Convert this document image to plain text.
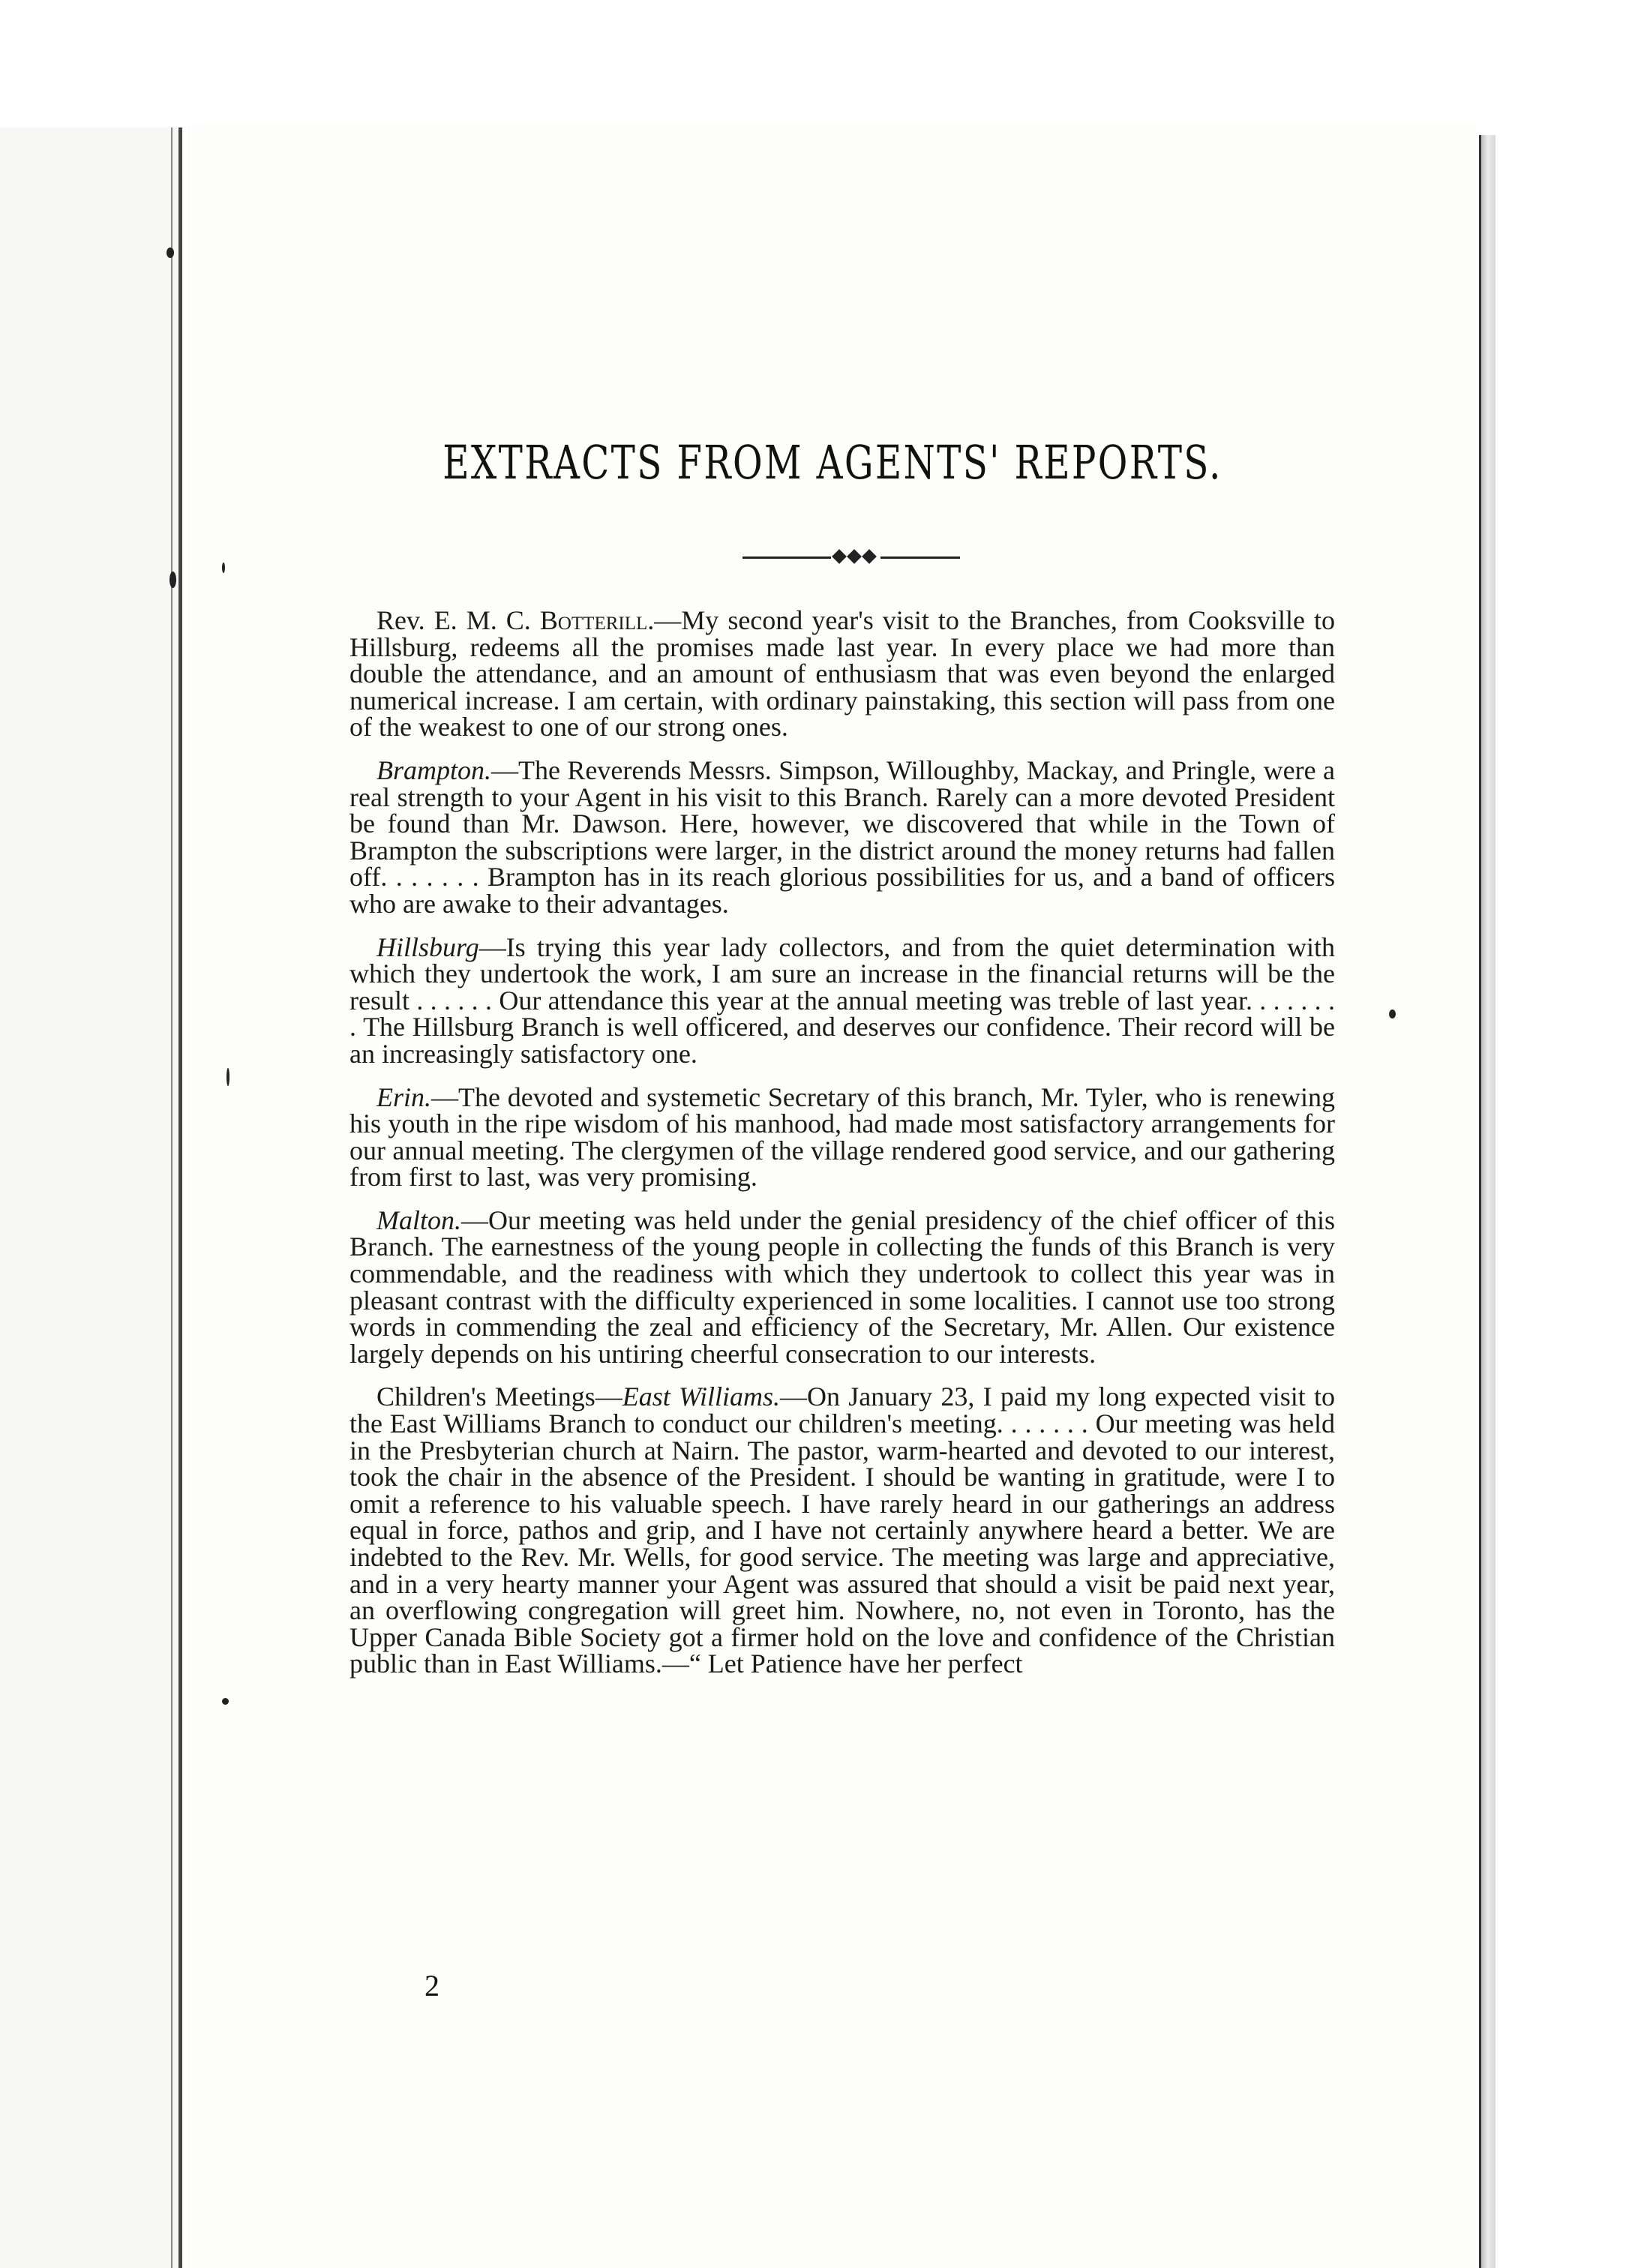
EXTRACTS FROM AGENTS' REPORTS.

Rev. E. M. C. Botterill.—My second year's visit to the Branches, from Cooksville to Hillsburg, redeems all the promises made last year. In every place we had more than double the attendance, and an amount of enthusiasm that was even beyond the enlarged numerical increase. I am certain, with ordinary painstaking, this section will pass from one of the weakest to one of our strong ones.

Brampton.—The Reverends Messrs. Simpson, Willoughby, Mackay, and Pringle, were a real strength to your Agent in his visit to this Branch. Rarely can a more devoted President be found than Mr. Dawson. Here, however, we discovered that while in the Town of Brampton the subscriptions were larger, in the district around the money returns had fallen off. . . . . . . Brampton has in its reach glorious possibilities for us, and a band of officers who are awake to their advantages.

Hillsburg—Is trying this year lady collectors, and from the quiet determination with which they undertook the work, I am sure an increase in the financial returns will be the result . . . . . . Our attendance this year at the annual meeting was treble of last year. . . . . . . . The Hillsburg Branch is well officered, and deserves our confidence. Their record will be an increasingly satisfactory one.

Erin.—The devoted and systemetic Secretary of this branch, Mr. Tyler, who is renewing his youth in the ripe wisdom of his manhood, had made most satisfactory arrangements for our annual meeting. The clergymen of the village rendered good service, and our gathering from first to last, was very promising.

Malton.—Our meeting was held under the genial presidency of the chief officer of this Branch. The earnestness of the young people in collecting the funds of this Branch is very commendable, and the readiness with which they undertook to collect this year was in pleasant contrast with the difficulty experienced in some localities. I cannot use too strong words in commending the zeal and efficiency of the Secretary, Mr. Allen. Our existence largely depends on his untiring cheerful consecration to our interests.

Children's Meetings—East Williams.—On January 23, I paid my long expected visit to the East Williams Branch to conduct our children's meeting. . . . . . . Our meeting was held in the Presbyterian church at Nairn. The pastor, warm-hearted and devoted to our interest, took the chair in the absence of the President. I should be wanting in gratitude, were I to omit a reference to his valuable speech. I have rarely heard in our gatherings an address equal in force, pathos and grip, and I have not certainly anywhere heard a better. We are indebted to the Rev. Mr. Wells, for good service. The meeting was large and appreciative, and in a very hearty manner your Agent was assured that should a visit be paid next year, an overflowing congregation will greet him. Nowhere, no, not even in Toronto, has the Upper Canada Bible Society got a firmer hold on the love and confidence of the Christian public than in East Williams.—“ Let Patience have her perfect

2
